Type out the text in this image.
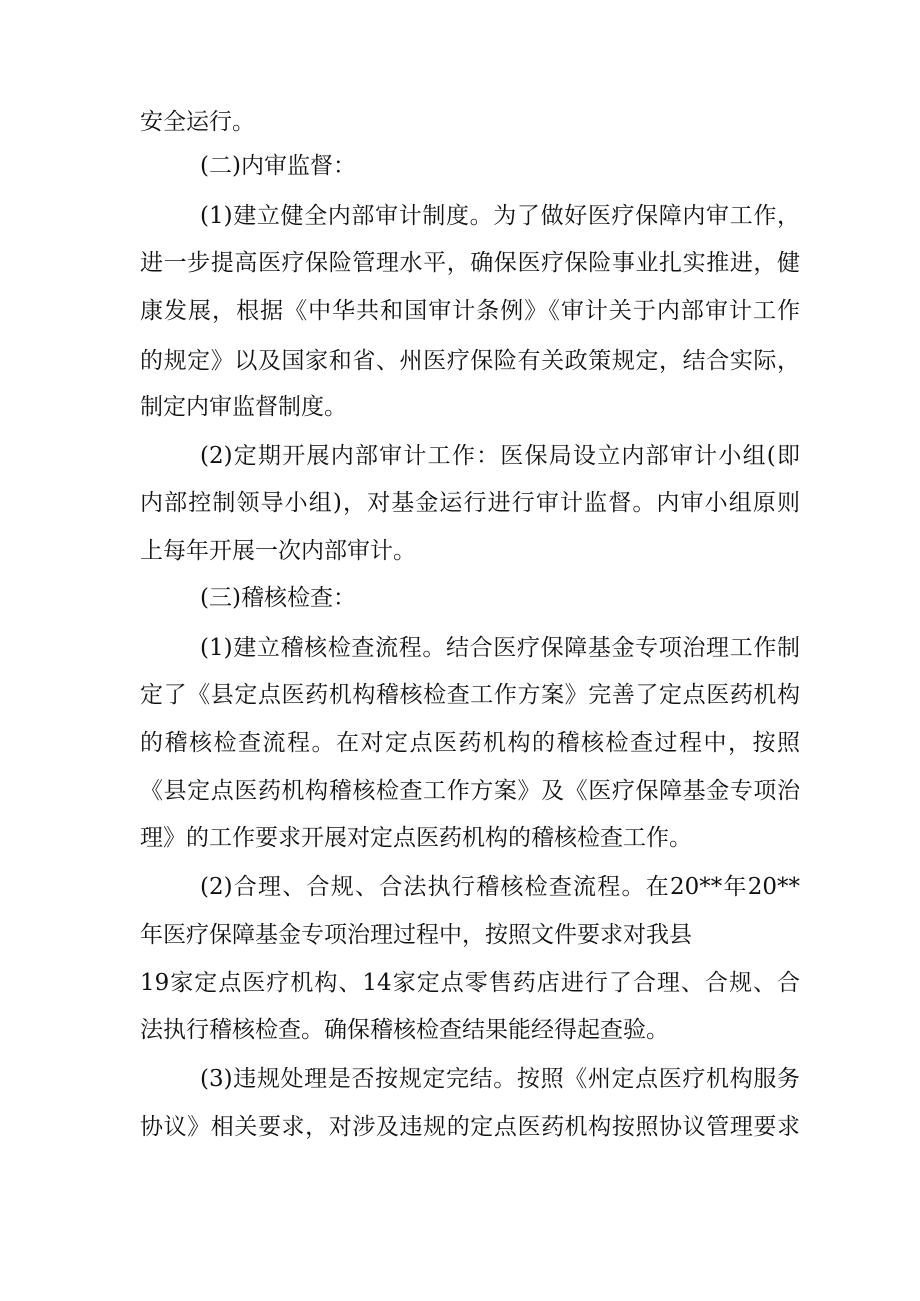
安全运行。
(二)内审监督：
(1)建立健全内部审计制度。为了做好医疗保障内审工作，
进一步提高医疗保险管理水平，确保医疗保险事业扎实推进，健
康发展，根据《中华共和国审计条例》《审计关于内部审计工作
的规定》以及国家和省、州医疗保险有关政策规定，结合实际，
制定内审监督制度。
(2)定期开展内部审计工作：医保局设立内部审计小组(即
内部控制领导小组)，对基金运行进行审计监督。内审小组原则
上每年开展一次内部审计。
(三)稽核检查：
(1)建立稽核检查流程。结合医疗保障基金专项治理工作制
定了《县定点医药机构稽核检查工作方案》完善了定点医药机构
的稽核检查流程。在对定点医药机构的稽核检查过程中，按照
《县定点医药机构稽核检查工作方案》及《医疗保障基金专项治
理》的工作要求开展对定点医药机构的稽核检查工作。
(2)合理、合规、合法执行稽核检查流程。在20**年20**
年医疗保障基金专项治理过程中，按照文件要求对我县
19家定点医疗机构、14家定点零售药店进行了合理、合规、合
法执行稽核检查。确保稽核检查结果能经得起查验。
(3)违规处理是否按规定完结。按照《州定点医疗机构服务
协议》相关要求，对涉及违规的定点医药机构按照协议管理要求
